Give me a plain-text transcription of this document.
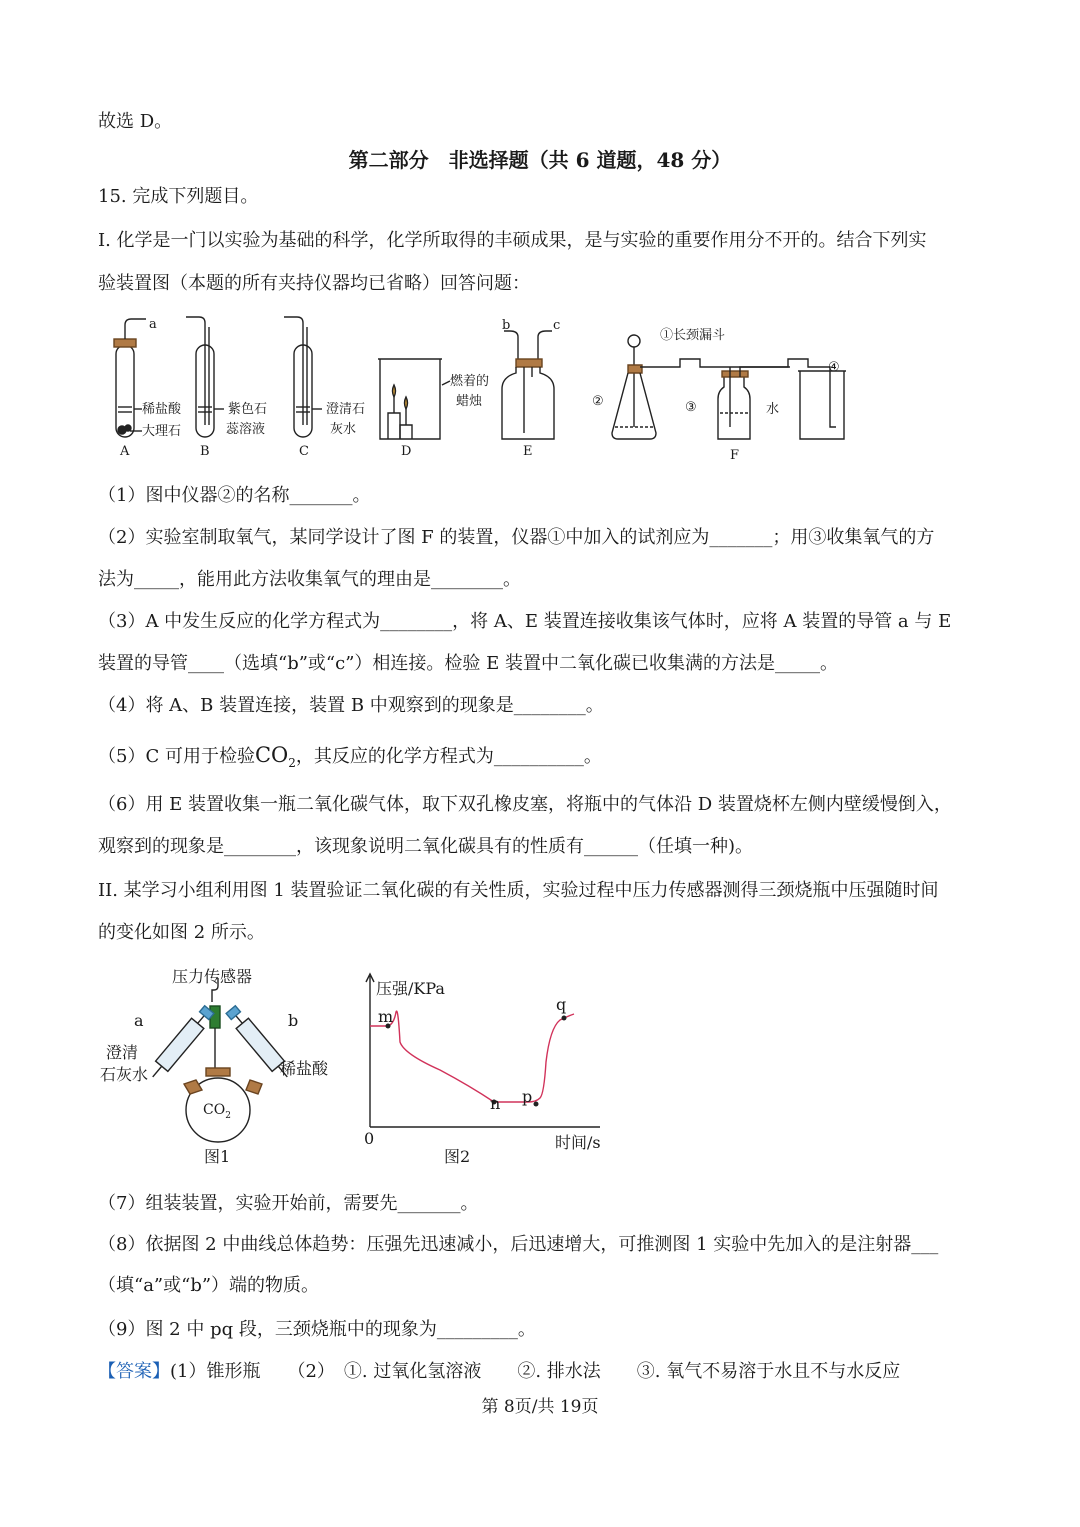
故选 D。
第二部分　非选择题（共 6 道题，48 分）
15. 完成下列题目。
I. 化学是一门以实验为基础的科学，化学所取得的丰硕成果，是与实验的重要作用分不开的。结合下列实
验装置图（本题的所有夹持仪器均已省略）回答问题：
a
稀盐酸
大理石
A
紫色石
蕊溶液
B
澄清石
灰水
C
燃着的
蜡烛
D
b	c
E
①长颈漏斗
②	③
④
水
F
（1）图中仪器②的名称_______。
（2）实验室制取氧气，某同学设计了图 F 的装置，仪器①中加入的试剂应为_______；用③收集氧气的方
法为_____，能用此方法收集氧气的理由是________。
（3）A 中发生反应的化学方程式为________，将 A、E 装置连接收集该气体时，应将 A 装置的导管 a 与 E
装置的导管____（选填“b”或“c”）相连接。检验 E 装置中二氧化碳已收集满的方法是_____。
（4）将 A、B 装置连接，装置 B 中观察到的现象是________。
（5）C 可用于检验$CO_2$，其反应的化学方程式为__________。
（6）用 E 装置收集一瓶二氧化碳气体，取下双孔橡皮塞，将瓶中的气体沿 D 装置烧杯左侧内壁缓慢倒入，
观察到的现象是________，该现象说明二氧化碳具有的性质有______（任填一种)。
II. 某学习小组利用图 1 装置验证二氧化碳的有关性质，实验过程中压力传感器测得三颈烧瓶中压强随时间
的变化如图 2 所示。
压力传感器
a	b
澄清
石灰水	稀盐酸
$CO_2$
图1
压强/KPa
时间/s
0
m
n p
q
图2
（7）组装装置，实验开始前，需要先_______。
（8）依据图 2 中曲线总体趋势：压强先迅速减小，后迅速增大，可推测图 1 实验中先加入的是注射器___
（填“a”或“b”）端的物质。
（9）图 2 中 pq 段，三颈烧瓶中的现象为_________。
【答案】(1）锥形瓶　　（2）　①. 过氧化氢溶液　　②. 排水法　　③. 氧气不易溶于水且不与水反应
第 8页/共 19页
